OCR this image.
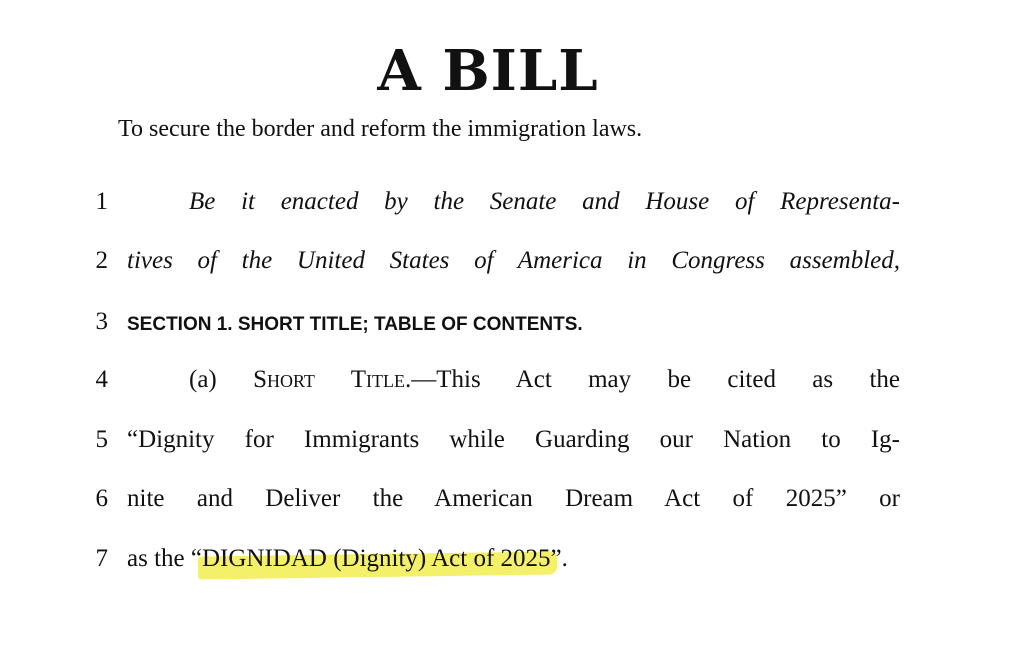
A BILL
To secure the border and reform the immigration laws.
1	Be it enacted by the Senate and House of Representa-
2 tives of the United States of America in Congress assembled,
3 SECTION 1. SHORT TITLE; TABLE OF CONTENTS.
4	(a) Short Title.—This Act may be cited as the
5 “Dignity for Immigrants while Guarding our Nation to Ig-
6 nite and Deliver the American Dream Act of 2025” or
7 as the “DIGNIDAD (Dignity) Act of 2025”.
